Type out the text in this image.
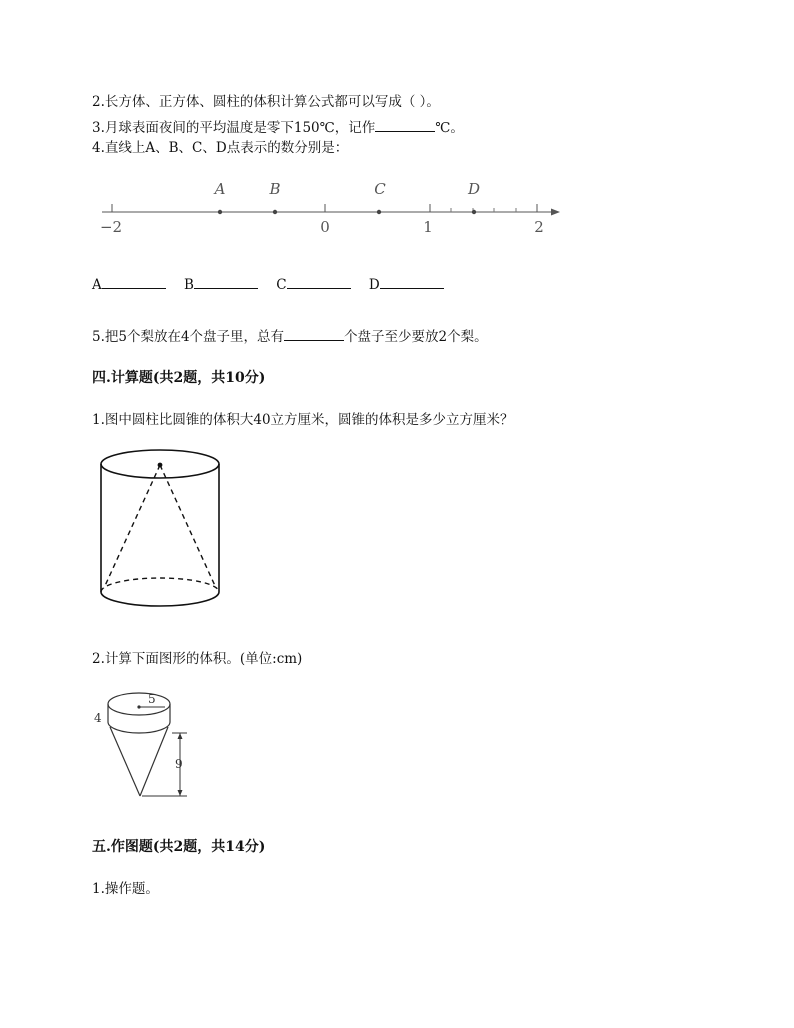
2.长方体、正方体、圆柱的体积计算公式都可以写成（ ）。
3.月球表面夜间的平均温度是零下150℃，记作	℃。
4.直线上A、B、C、D点表示的数分别是：
A	B	C	D
−2	0	1	2
5
4
9
A	B	C	D
5.把5个梨放在4个盘子里，总有	个盘子至少要放2个梨。
四.计算题(共2题，共10分)
1.图中圆柱比圆锥的体积大40立方厘米，圆锥的体积是多少立方厘米？
2.计算下面图形的体积。(单位:cm)
五.作图题(共2题，共14分)
1.操作题。
